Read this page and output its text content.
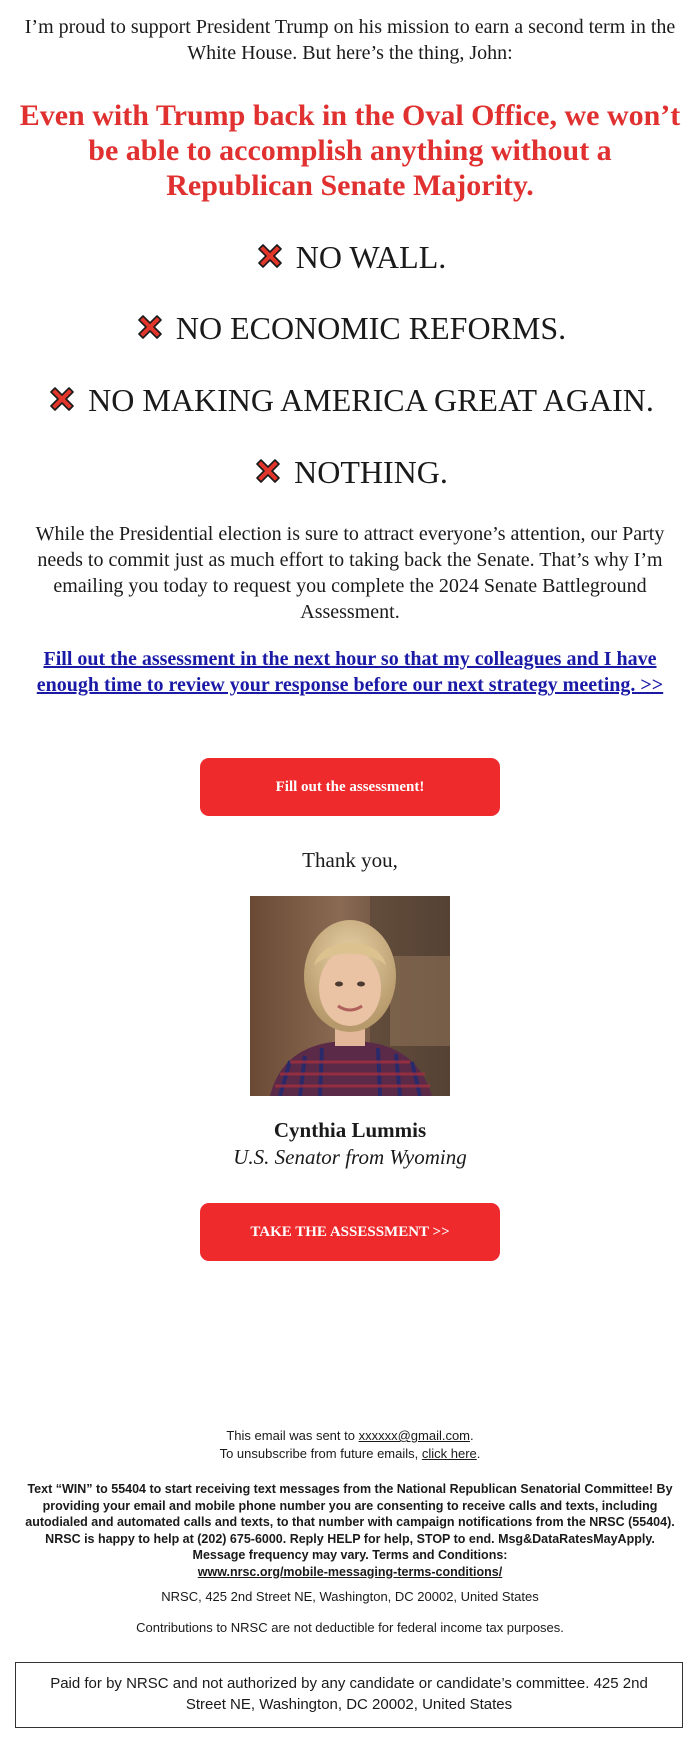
I’m proud to support President Trump on his mission to earn a second term in the White House. But here’s the thing, John:
Even with Trump back in the Oval Office, we won’t be able to accomplish anything without a Republican Senate Majority.
NO WALL.
NO ECONOMIC REFORMS.
NO MAKING AMERICA GREAT AGAIN.
NOTHING.
While the Presidential election is sure to attract everyone’s attention, our Party needs to commit just as much effort to taking back the Senate. That’s why I’m emailing you today to request you complete the 2024 Senate Battleground Assessment.
Fill out the assessment in the next hour so that my colleagues and I have enough time to review your response before our next strategy meeting. >>
Fill out the assessment!
Thank you,
Cynthia Lummis
U.S. Senator from Wyoming
TAKE THE ASSESSMENT >>
This email was sent to xxxxxx@gmail.com.
To unsubscribe from future emails, click here.
Text “WIN” to 55404 to start receiving text messages from the National Republican Senatorial Committee! By providing your email and mobile phone number you are consenting to receive calls and texts, including autodialed and automated calls and texts, to that number with campaign notifications from the NRSC (55404). NRSC is happy to help at (202) 675-6000. Reply HELP for help, STOP to end. Msg&DataRatesMayApply. Message frequency may vary. Terms and Conditions:
www.nrsc.org/mobile-messaging-terms-conditions/
NRSC, 425 2nd Street NE, Washington, DC 20002, United States
Contributions to NRSC are not deductible for federal income tax purposes.
Paid for by NRSC and not authorized by any candidate or candidate’s committee. 425 2nd Street NE, Washington, DC 20002, United States
